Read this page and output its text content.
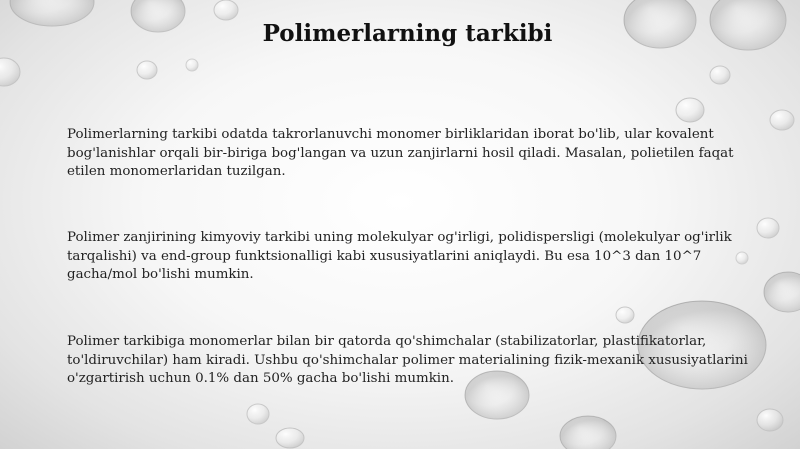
Polimerlarning tarkibi

Polimerlarning tarkibi odatda takrorlanuvchi monomer birliklaridan iborat bo'lib, ular kovalent bog'lanishlar orqali bir-biriga bog'langan va uzun zanjirlarni hosil qiladi. Masalan, polietilen faqat etilen monomerlaridan tuzilgan.

Polimer zanjirining kimyoviy tarkibi uning molekulyar og'irligi, polidispersligi (molekulyar og'irlik tarqalishi) va end-group funktsionalligi kabi xususiyatlarini aniqlaydi. Bu esa 10^3 dan 10^7 gacha/mol bo'lishi mumkin.

Polimer tarkibiga monomerlar bilan bir qatorda qo'shimchalar (stabilizatorlar, plastifikatorlar, to'ldiruvchilar) ham kiradi. Ushbu qo'shimchalar polimer materialining fizik-mexanik xususiyatlarini o'zgartirish uchun 0.1% dan 50% gacha bo'lishi mumkin.
